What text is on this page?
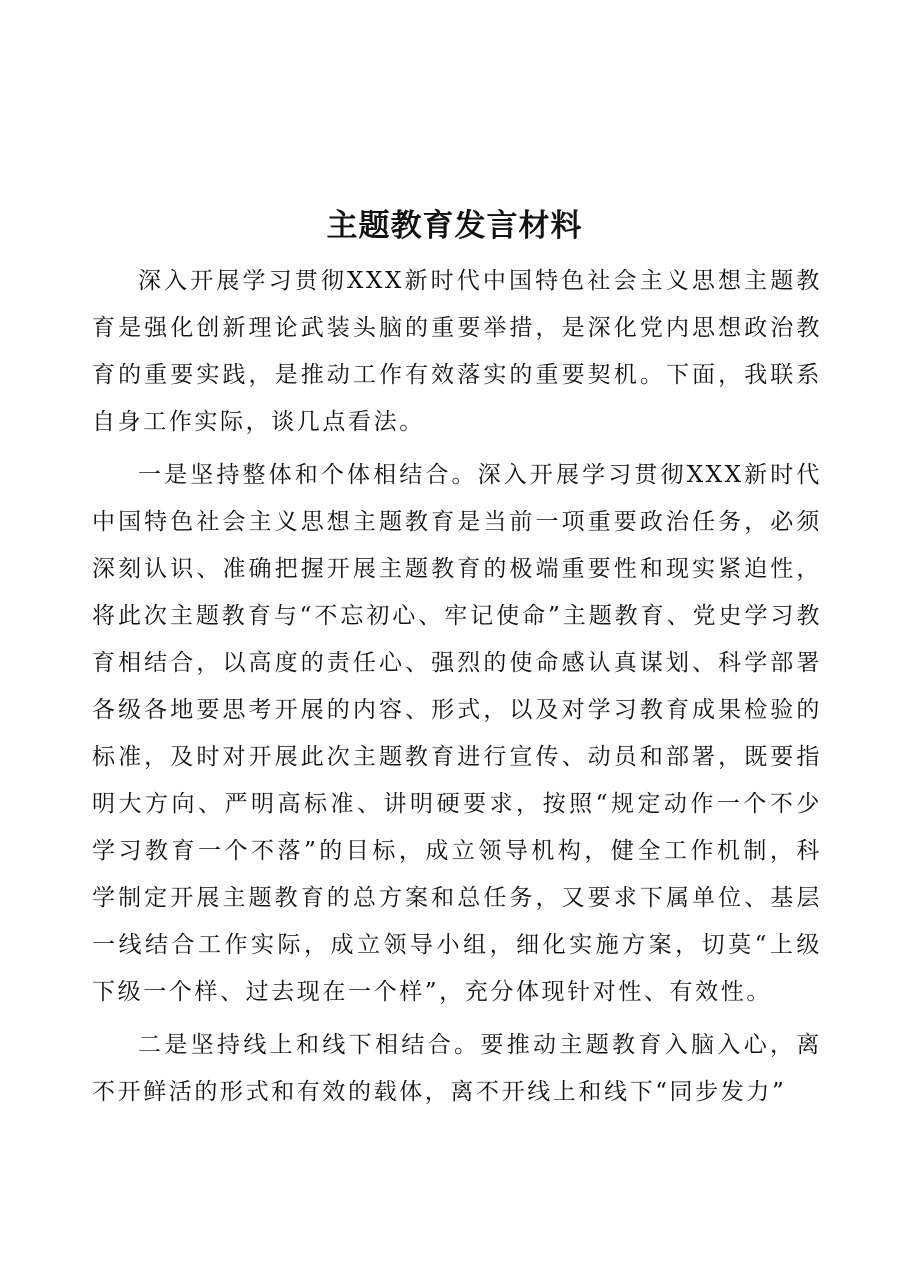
主题教育发言材料

深入开展学习贯彻XXX新时代中国特色社会主义思想主题教育是强化创新理论武装头脑的重要举措，是深化党内思想政治教育的重要实践，是推动工作有效落实的重要契机。下面，我联系自身工作实际，谈几点看法。

一是坚持整体和个体相结合。深入开展学习贯彻XXX新时代中国特色社会主义思想主题教育是当前一项重要政治任务，必须深刻认识、准确把握开展主题教育的极端重要性和现实紧迫性，将此次主题教育与“不忘初心、牢记使命”主题教育、党史学习教育相结合，以高度的责任心、强烈的使命感认真谋划、科学部署各级各地要思考开展的内容、形式，以及对学习教育成果检验的标准，及时对开展此次主题教育进行宣传、动员和部署，既要指明大方向、严明高标准、讲明硬要求，按照“规定动作一个不少学习教育一个不落”的目标，成立领导机构，健全工作机制，科学制定开展主题教育的总方案和总任务，又要求下属单位、基层一线结合工作实际，成立领导小组，细化实施方案，切莫“上级下级一个样、过去现在一个样”，充分体现针对性、有效性。

二是坚持线上和线下相结合。要推动主题教育入脑入心，离不开鲜活的形式和有效的载体，离不开线上和线下“同步发力”
